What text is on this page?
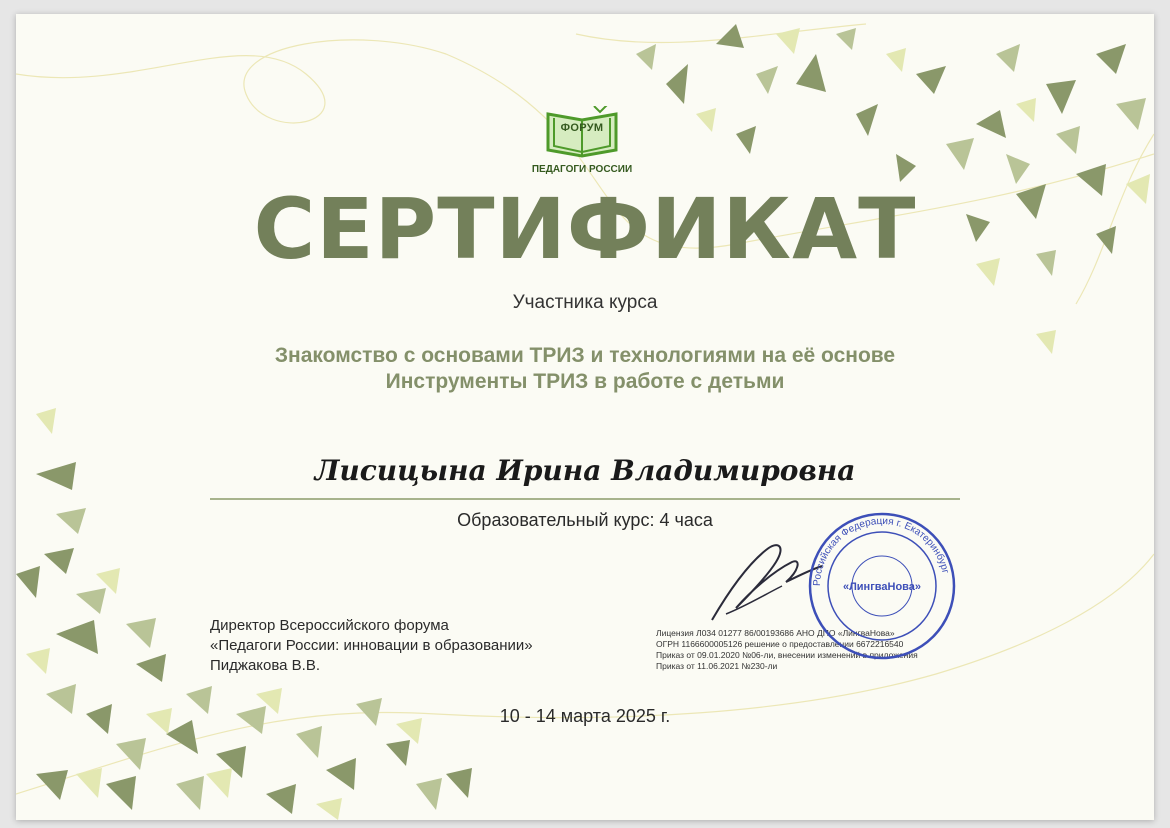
ФОРУМ
ПЕДАГОГИ РОССИИ
СЕРТИФИКАТ
Участника курса
Знакомство с основами ТРИЗ и технологиями на её основе
Инструменты ТРИЗ в работе с детьми
Лисицына Ирина Владимировна
Образовательный курс: 4 часа
Директор Всероссийского форума
«Педагоги России: инновации в образовании»
Пиджакова В.В.
Лицензия Л034 01277 86/00193686 АНО ДПО «ЛингваНова»
ОГРН 1166600005126 решение о предоставлении 6672216540
Приказ от 09.01.2020 №06-ли, внесении изменений в приложения
Приказ от 11.06.2021 №230-ли
Российская Федерация г. Екатеринбург
«ЛингваНова»
10 - 14 марта 2025 г.
